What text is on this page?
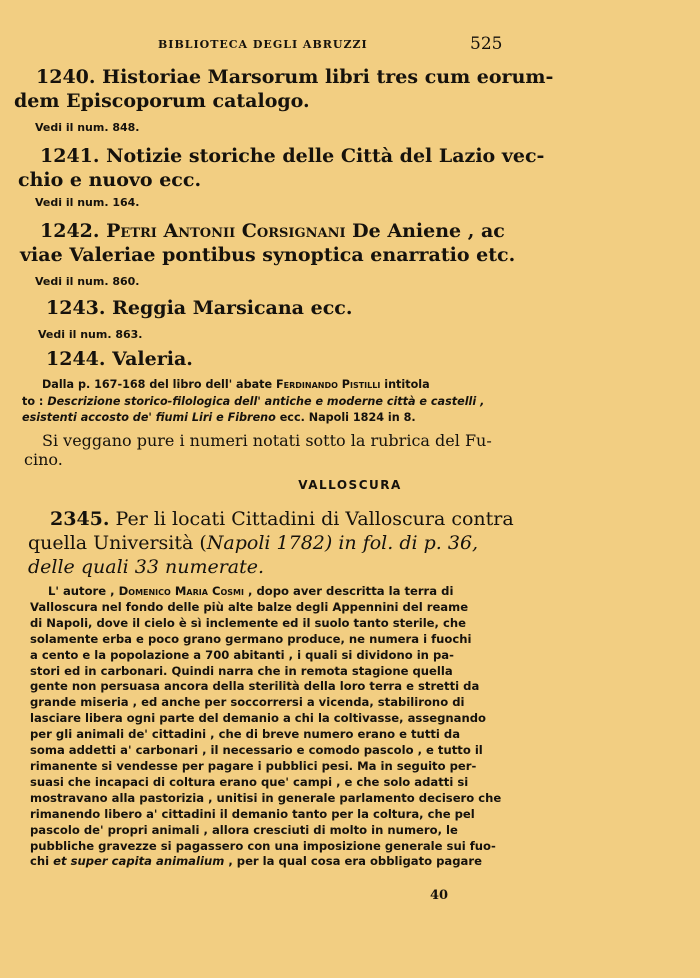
BIBLIOTECA DEGLI ABRUZZI	525
1240. Historiae Marsorum libri tres cum eorum-
dem Episcoporum catalogo.
Vedi il num. 848.
1241. Notizie storiche delle Città del Lazio vec-
chio e nuovo ecc.
Vedi il num. 164.
1242. Petri Antonii Corsignani De Aniene , ac
viae Valeriae pontibus synoptica enarratio etc.
Vedi il num. 860.
1243. Reggia Marsicana ecc.
Vedi il num. 863.
1244. Valeria.
Dalla p. 167-168 del libro dell' abate Ferdinando Pistilli intitola
to : Descrizione storico-filologica dell' antiche e moderne città e castelli ,
esistenti accosto de' fiumi Liri e Fibreno ecc. Napoli 1824 in 8.
Si veggano pure i numeri notati sotto la rubrica del Fu-
cino.
VALLOSCURA
2345. Per li locati Cittadini di Valloscura contra
quella Università (Napoli 1782) in fol. di p. 36,
delle quali 33 numerate.
L' autore , Domenico Maria Cosmi , dopo aver descritta la terra di
Valloscura nel fondo delle più alte balze degli Appennini del reame
di Napoli, dove il cielo è sì inclemente ed il suolo tanto sterile, che
solamente erba e poco grano germano produce, ne numera i fuochi
a cento e la popolazione a 700 abitanti , i quali si dividono in pa-
stori ed in carbonari. Quindi narra che in remota stagione quella
gente non persuasa ancora della sterilità della loro terra e stretti da
grande miseria , ed anche per soccorrersi a vicenda, stabilirono di
lasciare libera ogni parte del demanio a chi la coltivasse, assegnando
per gli animali de' cittadini , che di breve numero erano e tutti da
soma addetti a' carbonari , il necessario e comodo pascolo , e tutto il
rimanente si vendesse per pagare i pubblici pesi. Ma in seguito per-
suasi che incapaci di coltura erano que' campi , e che solo adatti si
mostravano alla pastorizia , unitisi in generale parlamento decisero che
rimanendo libero a' cittadini il demanio tanto per la coltura, che pel
pascolo de' propri animali , allora cresciuti di molto in numero, le
pubbliche gravezze si pagassero con una imposizione generale sui fuo-
chi et super capita animalium , per la qual cosa era obbligato pagare
40
